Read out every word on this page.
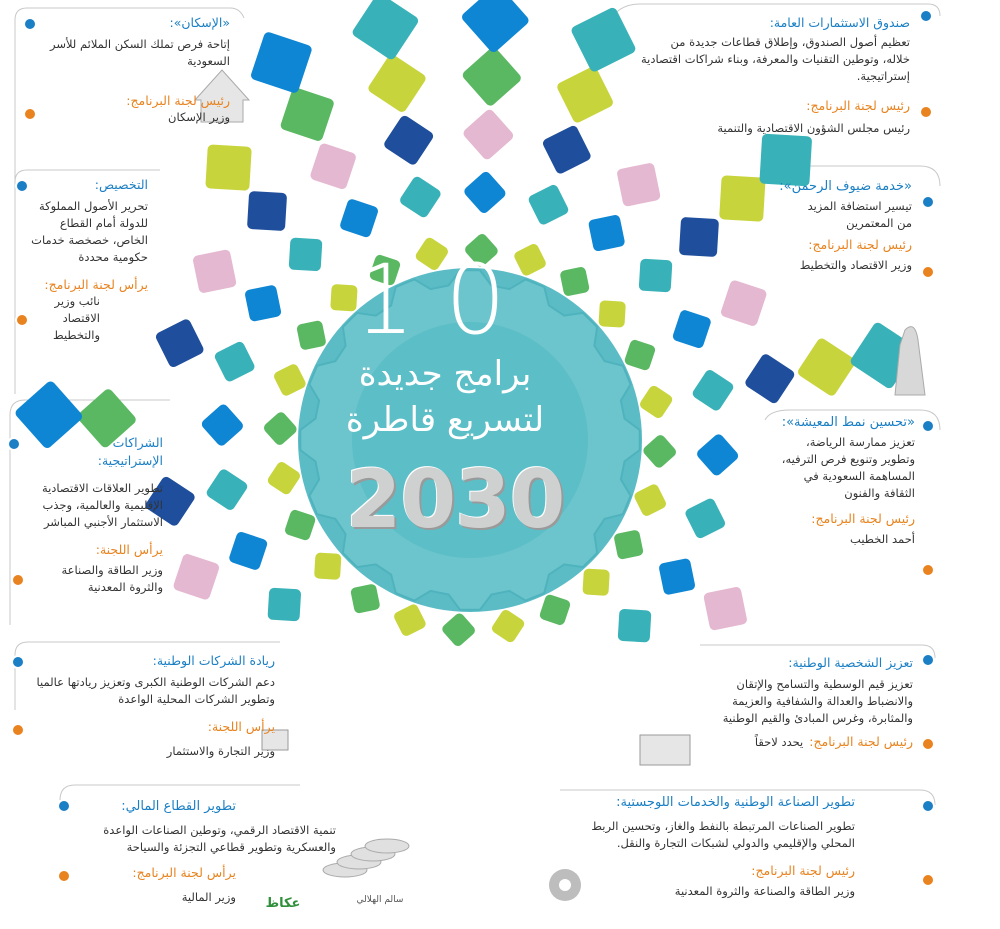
10
برامج جديدة
لتسريع قاطرة
2030
«الإسكان»:
إتاحة فرص تملك السكن الملائم للأسر السعودية
رئيس لجنة البرنامج:
وزير الإسكان
صندوق الاستثمارات العامة:
تعظيم أصول الصندوق، وإطلاق قطاعات جديدة من خلاله، وتوطين التقنيات والمعرفة، وبناء شراكات اقتصادية إستراتيجية.
رئيس لجنة البرنامج:
رئيس مجلس الشؤون الاقتصادية والتنمية
التخصيص:
تحرير الأصول المملوكة للدولة أمام القطاع الخاص، خصخصة خدمات حكومية محددة
يرأس لجنة البرنامج:
نائب وزير الاقتصاد والتخطيط
«خدمة ضيوف الرحمن»:
تيسير استضافة المزيد من المعتمرين
رئيس لجنة البرنامج:
وزير الاقتصاد والتخطيط
الشراكات الإستراتيجية:
تطوير العلاقات الاقتصادية الإقليمية والعالمية، وجذب الاستثمار الأجنبي المباشر
يرأس اللجنة:
وزير الطاقة والصناعة والثروة المعدنية
«تحسين نمط المعيشة»:
تعزيز ممارسة الرياضة، وتطوير وتنويع فرص الترفيه، المساهمة السعودية في الثقافة والفنون
رئيس لجنة البرنامج:
أحمد الخطيب
ريادة الشركات الوطنية:
دعم الشركات الوطنية الكبرى وتعزيز ريادتها عالميا وتطوير الشركات المحلية الواعدة
يرأس اللجنة:
وزير التجارة والاستثمار
تعزيز الشخصية الوطنية:
تعزيز قيم الوسطية والتسامح والإتقان والانضباط والعدالة والشفافية والعزيمة والمثابرة، وغرس المبادئ والقيم الوطنية
رئيس لجنة البرنامج:
يحدد لاحقاً
تطوير القطاع المالي:
تنمية الاقتصاد الرقمي، وتوطين الصناعات الواعدة والعسكرية وتطوير قطاعي التجزئة والسياحة
يرأس لجنة البرنامج:
وزير المالية
تطوير الصناعة الوطنية والخدمات اللوجستية:
تطوير الصناعات المرتبطة بالنفط والغاز، وتحسين الربط المحلي والإقليمي والدولي لشبكات التجارة والنقل.
رئيس لجنة البرنامج:
وزير الطاقة والصناعة والثروة المعدنية
سالم الهلالي
عكاظ
